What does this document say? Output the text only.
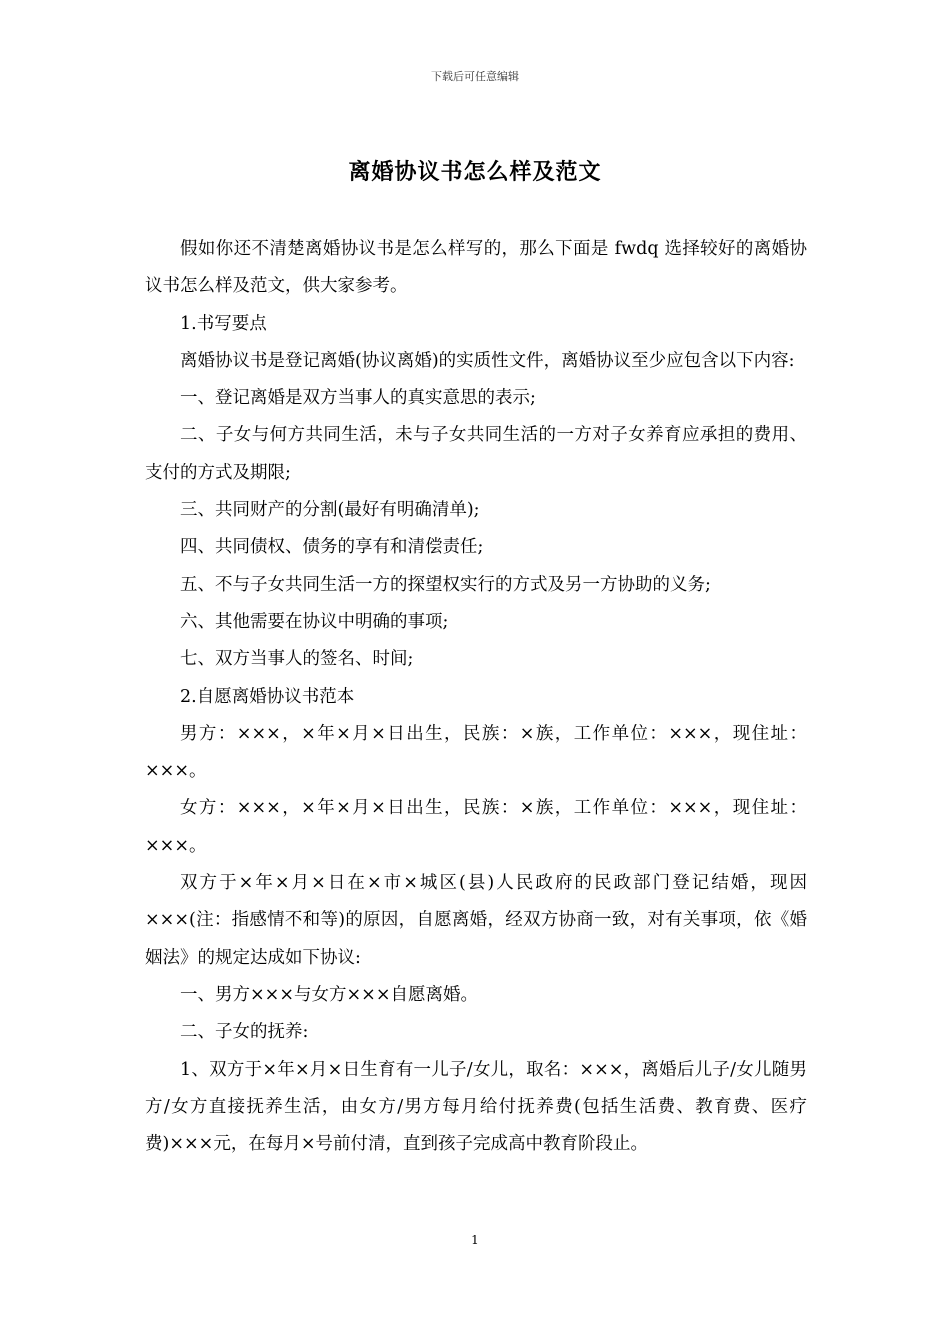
下载后可任意编辑
离婚协议书怎么样及范文

假如你还不清楚离婚协议书是怎么样写的，那么下面是 fwdq 选择较好的离婚协议书怎么样及范文，供大家参考。

1.书写要点

离婚协议书是登记离婚(协议离婚)的实质性文件，离婚协议至少应包含以下内容:

一、登记离婚是双方当事人的真实意思的表示;

二、子女与何方共同生活，未与子女共同生活的一方对子女养育应承担的费用、支付的方式及期限;

三、共同财产的分割(最好有明确清单);

四、共同债权、债务的享有和清偿责任;

五、不与子女共同生活一方的探望权实行的方式及另一方协助的义务;

六、其他需要在协议中明确的事项;

七、双方当事人的签名、时间;

2.自愿离婚协议书范本

男方：×××，×年×月×日出生，民族：×族，工作单位：×××，现住址：×××。

女方：×××，×年×月×日出生，民族：×族，工作单位：×××，现住址：×××。

双方于×年×月×日在×市×城区(县)人民政府的民政部门登记结婚，现因×××(注：指感情不和等)的原因，自愿离婚，经双方协商一致，对有关事项，依《婚姻法》的规定达成如下协议:

一、男方×××与女方×××自愿离婚。

二、子女的抚养:

1、双方于×年×月×日生育有一儿子/女儿，取名：×××，离婚后儿子/女儿随男方/女方直接抚养生活，由女方/男方每月给付抚养费(包括生活费、教育费、医疗费)×××元，在每月×号前付清，直到孩子完成高中教育阶段止。

1
